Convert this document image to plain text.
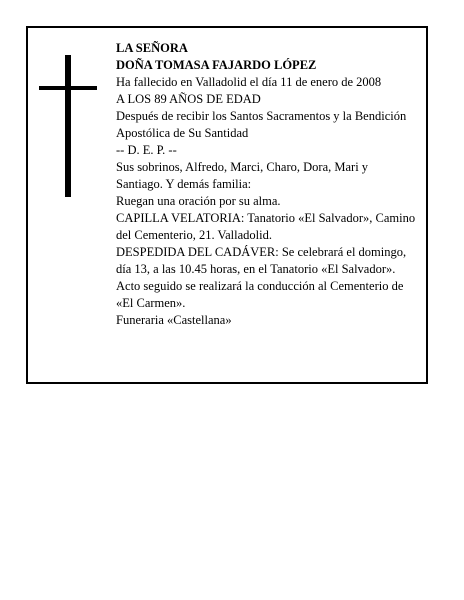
LA SEÑORA
DOÑA TOMASA FAJARDO LÓPEZ
Ha fallecido en Valladolid el día 11 de enero de 2008
A LOS 89 AÑOS DE EDAD
Después de recibir los Santos Sacramentos y la Bendición Apostólica de Su Santidad
-- D. E. P. --
Sus sobrinos, Alfredo, Marci, Charo, Dora, Mari y Santiago. Y demás familia:
Ruegan una oración por su alma.
CAPILLA VELATORIA: Tanatorio «El Salvador», Camino del Cementerio, 21. Valladolid.
DESPEDIDA DEL CADÁVER: Se celebrará el domingo, día 13, a las 10.45 horas, en el Tanatorio «El Salvador». Acto seguido se realizará la conducción al Cementerio de «El Carmen».
Funeraria «Castellana»
